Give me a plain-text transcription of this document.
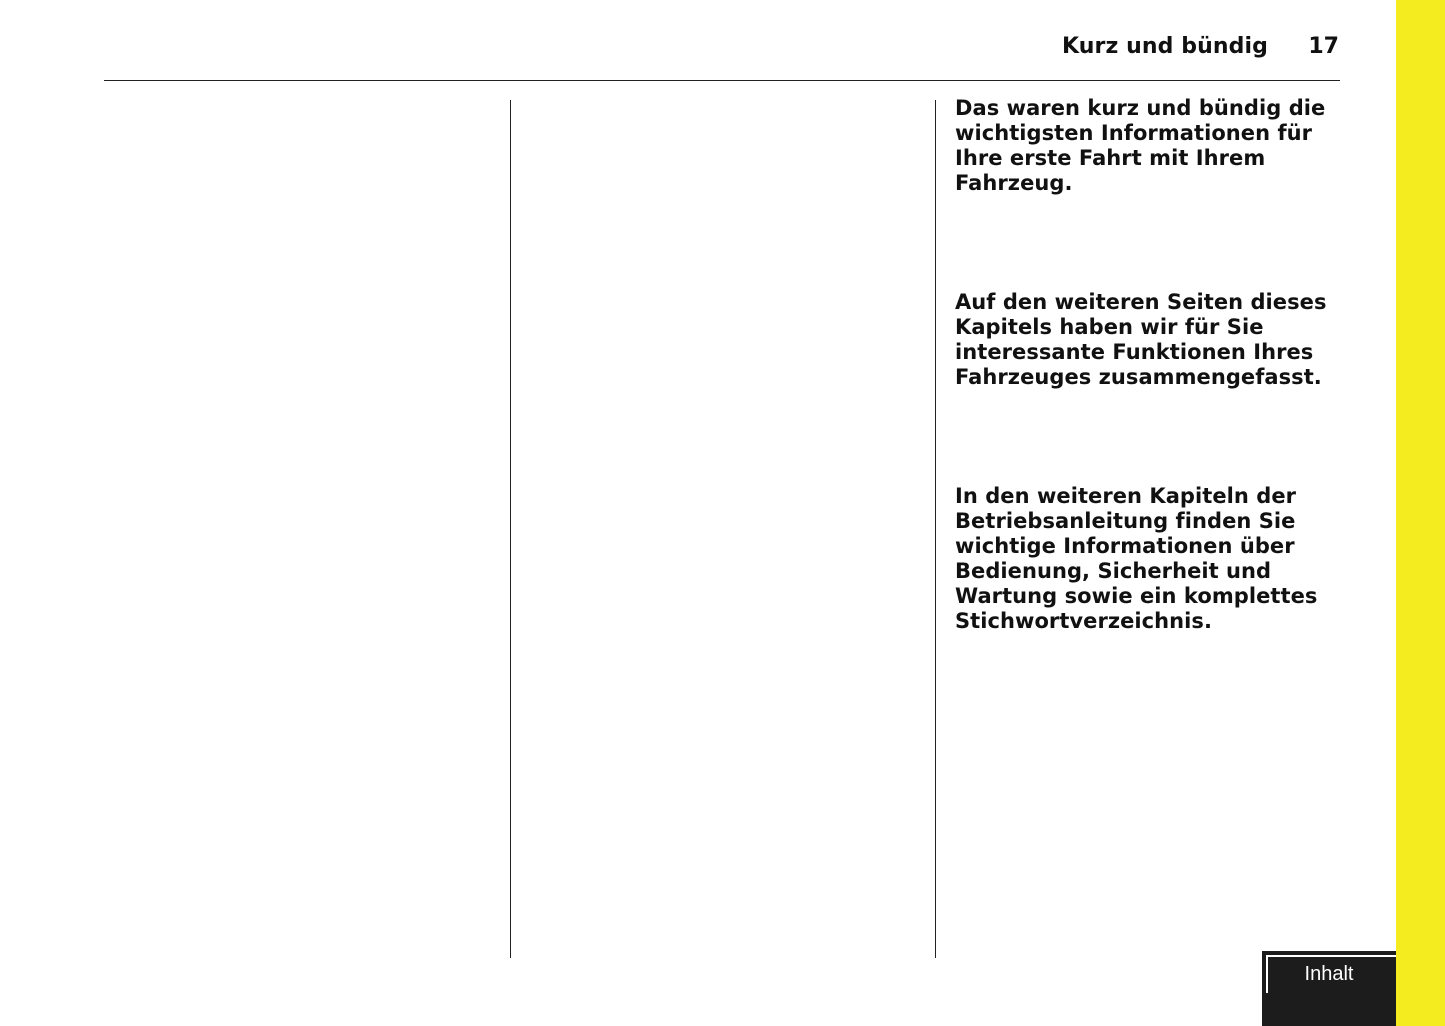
Kurz und bündig 17

Das waren kurz und bündig die
wichtigsten Informationen für
Ihre erste Fahrt mit Ihrem
Fahrzeug.

Auf den weiteren Seiten dieses
Kapitels haben wir für Sie
interessante Funktionen Ihres
Fahrzeuges zusammengefasst.

In den weiteren Kapiteln der
Betriebsanleitung finden Sie
wichtige Informationen über
Bedienung, Sicherheit und
Wartung sowie ein komplettes
Stichwortverzeichnis.

Inhalt
